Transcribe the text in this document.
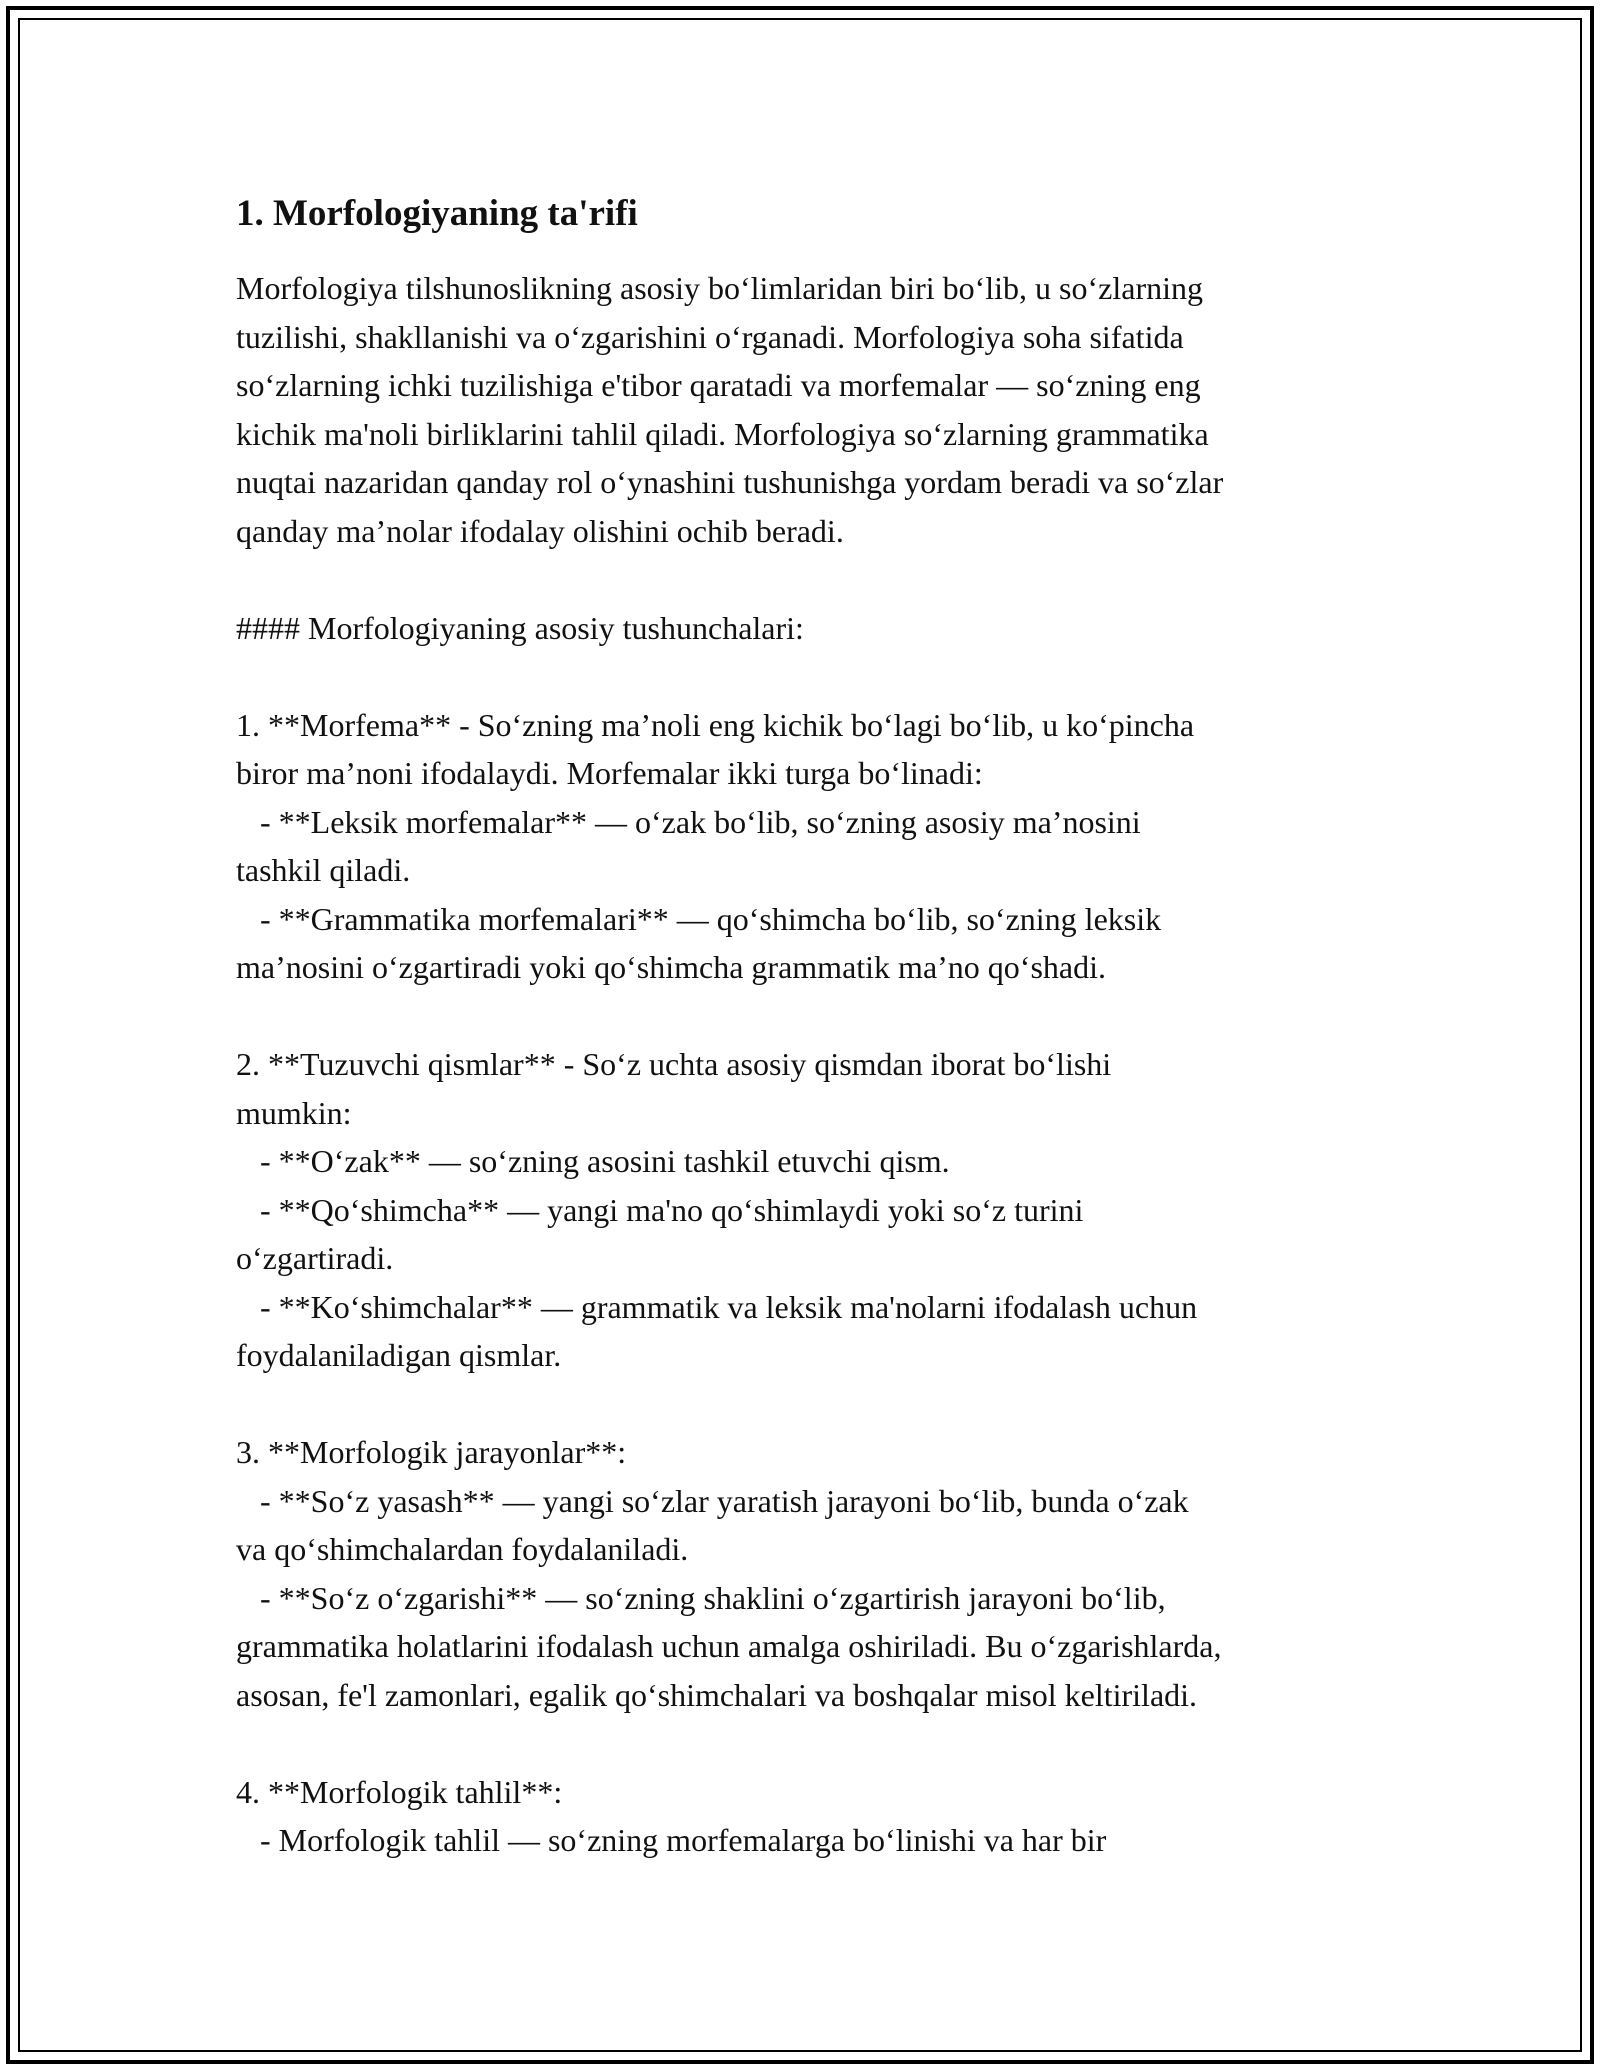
1. Morfologiyaning ta'rifi
Morfologiya tilshunoslikning asosiy bo‘limlaridan biri bo‘lib, u so‘zlarning
tuzilishi, shakllanishi va o‘zgarishini o‘rganadi. Morfologiya soha sifatida
so‘zlarning ichki tuzilishiga e'tibor qaratadi va morfemalar — so‘zning eng
kichik ma'noli birliklarini tahlil qiladi. Morfologiya so‘zlarning grammatika
nuqtai nazaridan qanday rol o‘ynashini tushunishga yordam beradi va so‘zlar
qanday ma’nolar ifodalay olishini ochib beradi.
#### Morfologiyaning asosiy tushunchalari:
1. **Morfema** - So‘zning ma’noli eng kichik bo‘lagi bo‘lib, u ko‘pincha
biror ma’noni ifodalaydi. Morfemalar ikki turga bo‘linadi:
- **Leksik morfemalar** — o‘zak bo‘lib, so‘zning asosiy ma’nosini
tashkil qiladi.
- **Grammatika morfemalari** — qo‘shimcha bo‘lib, so‘zning leksik
ma’nosini o‘zgartiradi yoki qo‘shimcha grammatik ma’no qo‘shadi.
2. **Tuzuvchi qismlar** - So‘z uchta asosiy qismdan iborat bo‘lishi
mumkin:
- **O‘zak** — so‘zning asosini tashkil etuvchi qism.
- **Qo‘shimcha** — yangi ma'no qo‘shimlaydi yoki so‘z turini
o‘zgartiradi.
- **Ko‘shimchalar** — grammatik va leksik ma'nolarni ifodalash uchun
foydalaniladigan qismlar.
3. **Morfologik jarayonlar**:
- **So‘z yasash** — yangi so‘zlar yaratish jarayoni bo‘lib, bunda o‘zak
va qo‘shimchalardan foydalaniladi.
- **So‘z o‘zgarishi** — so‘zning shaklini o‘zgartirish jarayoni bo‘lib,
grammatika holatlarini ifodalash uchun amalga oshiriladi. Bu o‘zgarishlarda,
asosan, fe'l zamonlari, egalik qo‘shimchalari va boshqalar misol keltiriladi.
4. **Morfologik tahlil**:
- Morfologik tahlil — so‘zning morfemalarga bo‘linishi va har bir
